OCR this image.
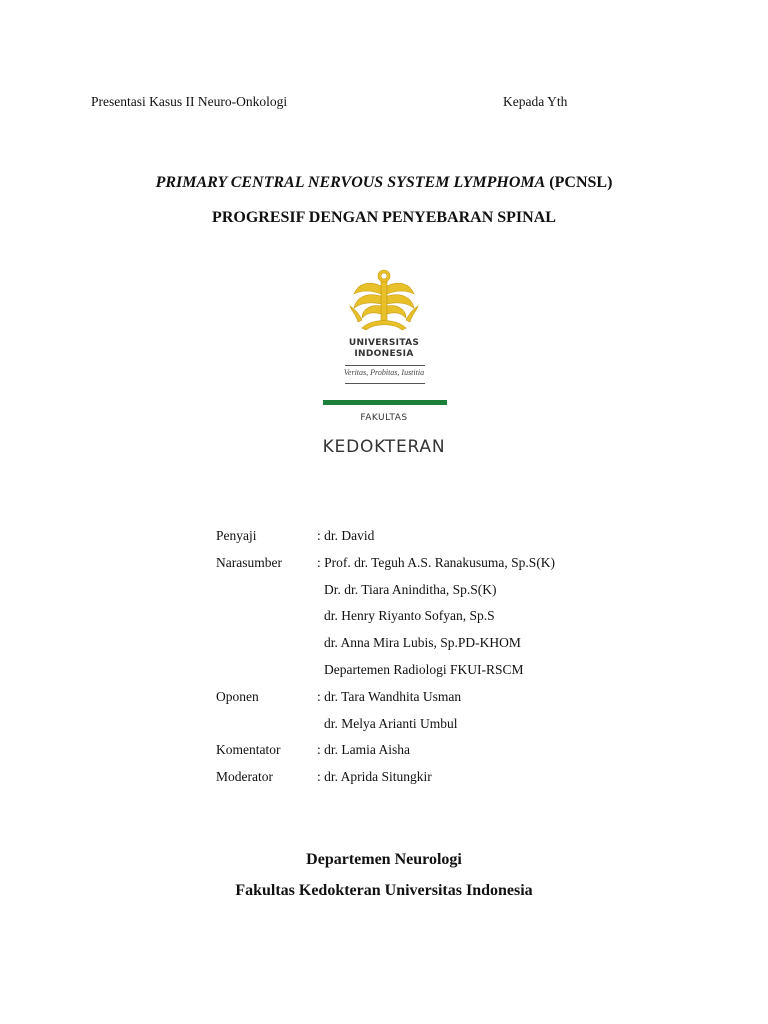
Presentasi Kasus II Neuro-Onkologi	Kepada Yth
PRIMARY CENTRAL NERVOUS SYSTEM LYMPHOMA (PCNSL)
PROGRESIF DENGAN PENYEBARAN SPINAL
UNIVERSITAS
INDONESIA
Veritas, Probitas, Iustitia
FAKULTAS
KEDOKTERAN
Penyaji	: dr. David
Narasumber	: Prof. dr. Teguh A.S. Ranakusuma, Sp.S(K)
Dr. dr. Tiara Aninditha, Sp.S(K)
dr. Henry Riyanto Sofyan, Sp.S
dr. Anna Mira Lubis, Sp.PD-KHOM
Departemen Radiologi FKUI-RSCM
Oponen	: dr. Tara Wandhita Usman
dr. Melya Arianti Umbul
Komentator	: dr. Lamia Aisha
Moderator	: dr. Aprida Situngkir
Departemen Neurologi
Fakultas Kedokteran Universitas Indonesia
